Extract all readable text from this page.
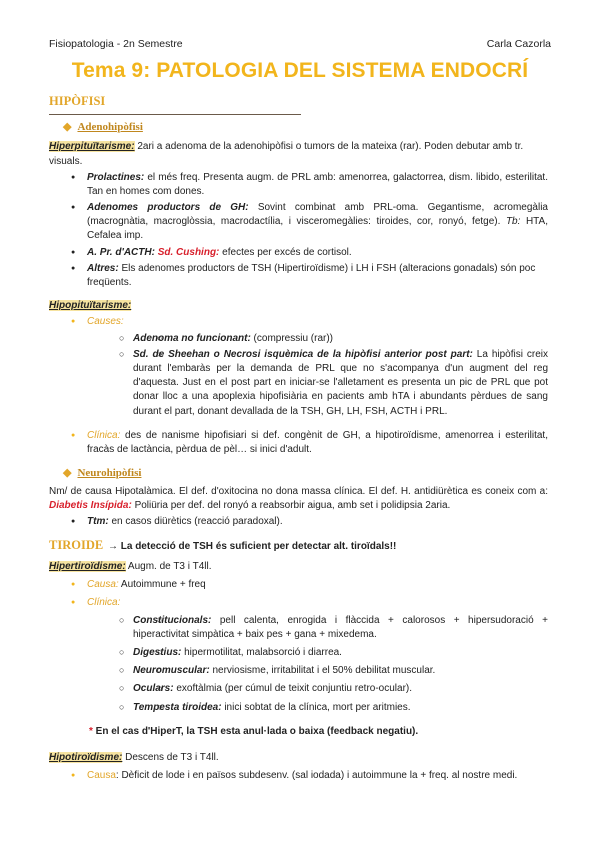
Fisiopatologia - 2n Semestre	Carla Cazorla
Tema 9: PATOLOGIA DEL SISTEMA ENDOCRÍ
HIPÒFISI
◆ Adenohipòfisi

Hiperpituïtarisme: 2ari a adenoma de la adenohipòfisi o tumors de la mateixa (rar). Poden debutar amb tr. visuals.

● Prolactines: el més freq. Presenta augm. de PRL amb: amenorrea, galactorrea, dism. libido, esterilitat. Tan en homes com dones.
● Adenomes productors de GH: Sovint combinat amb PRL-oma. Gegantisme, acromegàlia (macrognàtia, macroglòssia, macrodactília, i visceromegàlies: tiroides, cor, ronyó, fetge). Tb: HTA, Cefalea imp.
● A. Pr. d'ACTH: Sd. Cushing: efectes per excés de cortisol.
● Altres: Els adenomes productors de TSH (Hipertiroïdisme) i LH i FSH (alteracions gonadals) són poc freqüents.

Hipopituïtarisme:

● Causes:
○ ○ Adenoma no funcionant: (compressiu (rar))
○ ○ Sd. de Sheehan o Necrosi isquèmica de la hipòfisi anterior post part: La hipòfisi creix durant l'embaràs per la demanda de PRL que no s'acompanya d'un augment del reg d'aquesta. Just en el post part en iniciar-se l'alletament es presenta un pic de PRL que pot donar lloc a una apoplexia hipofisiària en pacients amb hTA i abundants pèrdues de sang durant el part, donant devallada de la TSH, GH, LH, FSH, ACTH i PRL.
● Clínica: des de nanisme hipofisiari si def. congènit de GH, a hipotiroïdisme, amenorrea i esterilitat, fracàs de lactància, pèrdua de pèl… si inici d'adult.
◆ Neurohipòfisi

Nm/ de causa Hipotalàmica. El def. d'oxitocina no dona massa clínica. El def. H. antidiürètica es coneix com a: Diabetis Insípida: Poliüria per def. del ronyó a reabsorbir aigua, amb set i polidipsia 2aria.

● Ttm: en casos diürètics (reacció paradoxal).
TIROIDE → La detecció de TSH és suficient per detectar alt. tiroïdals!!

Hipertiroïdisme: Augm. de T3 i T4ll.

● Causa: Autoimmune + freq
● Clínica:
○ ○ Constitucionals: pell calenta, enrogida i flàccida + calorosos + hipersudoració + hiperactivitat simpàtica + baix pes + gana + mixedema.
○ ○ Digestius: hipermotilitat, malabsorció i diarrea.
○ ○ Neuromuscular: nerviosisme, irritabilitat i el 50% debilitat muscular.
○ ○ Oculars: exoftàlmia (per cúmul de teixit conjuntiu retro-ocular).
○ ○ Tempesta tiroidea: inici sobtat de la clínica, mort per aritmies.

* En el cas d'HiperT, la TSH esta anul·lada o baixa (feedback negatiu).

Hipotiroïdisme: Descens de T3 i T4ll.

● Causa: Dèficit de lode i en països subdesenv. (sal iodada) i autoimmune la + freq. al nostre medi.
